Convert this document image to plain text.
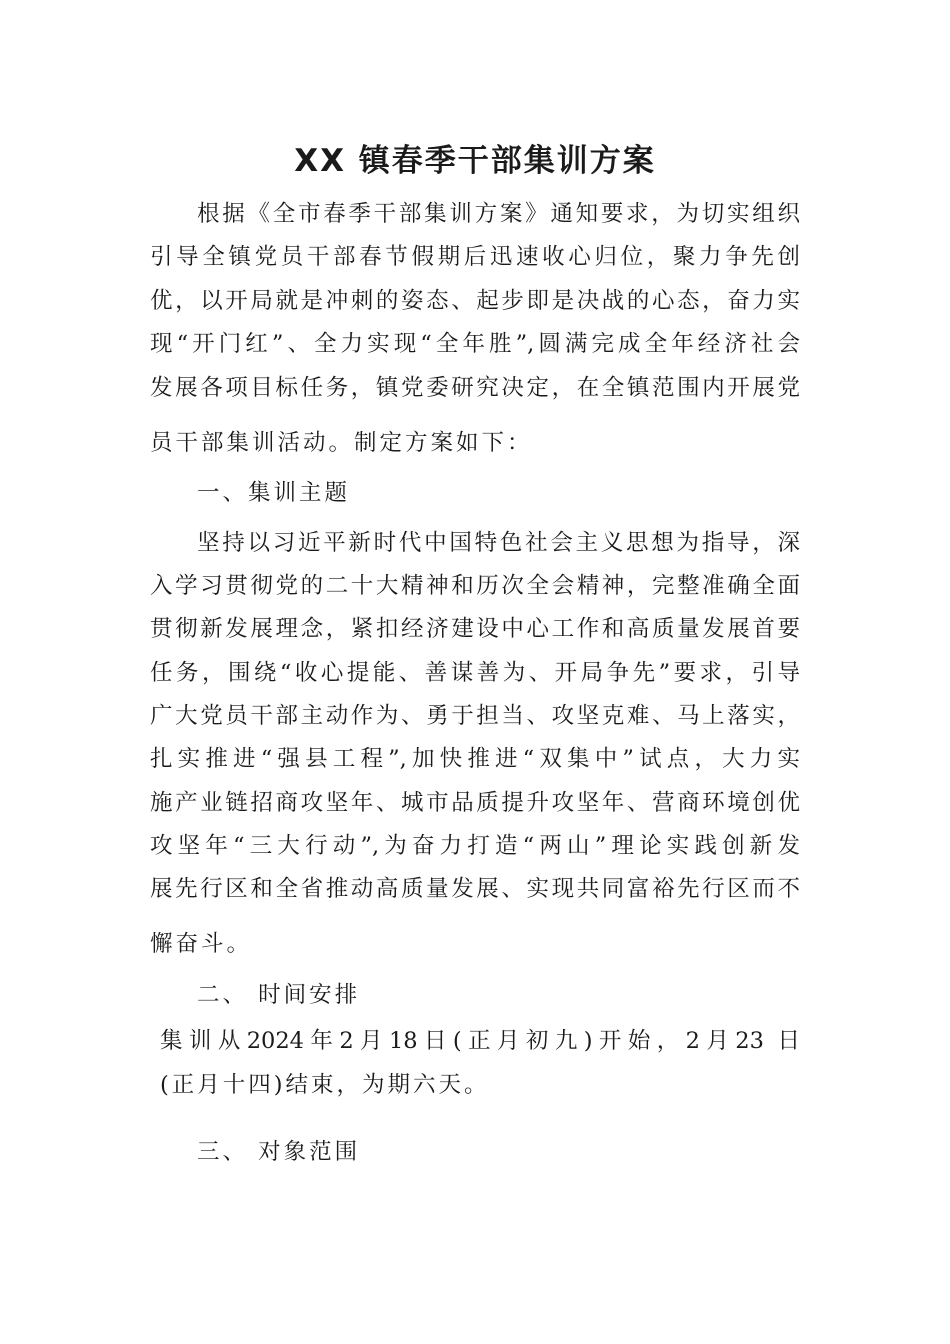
XX 镇春季干部集训方案
根据《全市春季干部集训方案》通知要求，为切实组织
引导全镇党员干部春节假期后迅速收心归位，聚力争先创
优，以开局就是冲刺的姿态、起步即是决战的心态，奋力实
现“开门红”、全力实现“全年胜”,圆满完成全年经济社会
发展各项目标任务，镇党委研究决定，在全镇范围内开展党
员干部集训活动。制定方案如下：
一、集训主题
坚持以习近平新时代中国特色社会主义思想为指导，深
入学习贯彻党的二十大精神和历次全会精神，完整准确全面
贯彻新发展理念，紧扣经济建设中心工作和高质量发展首要
任务，围绕“收心提能、善谋善为、开局争先”要求，引导
广大党员干部主动作为、勇于担当、攻坚克难、马上落实，
扎实推进“强县工程”,加快推进“双集中”试点，大力实
施产业链招商攻坚年、城市品质提升攻坚年、营商环境创优
攻坚年“三大行动”,为奋力打造“两山”理论实践创新发
展先行区和全省推动高质量发展、实现共同富裕先行区而不
懈奋斗。
二、 时间安排
集训从2024年2月18日(正月初九)开始，2月23 日
(正月十四)结束，为期六天。
三、 对象范围
